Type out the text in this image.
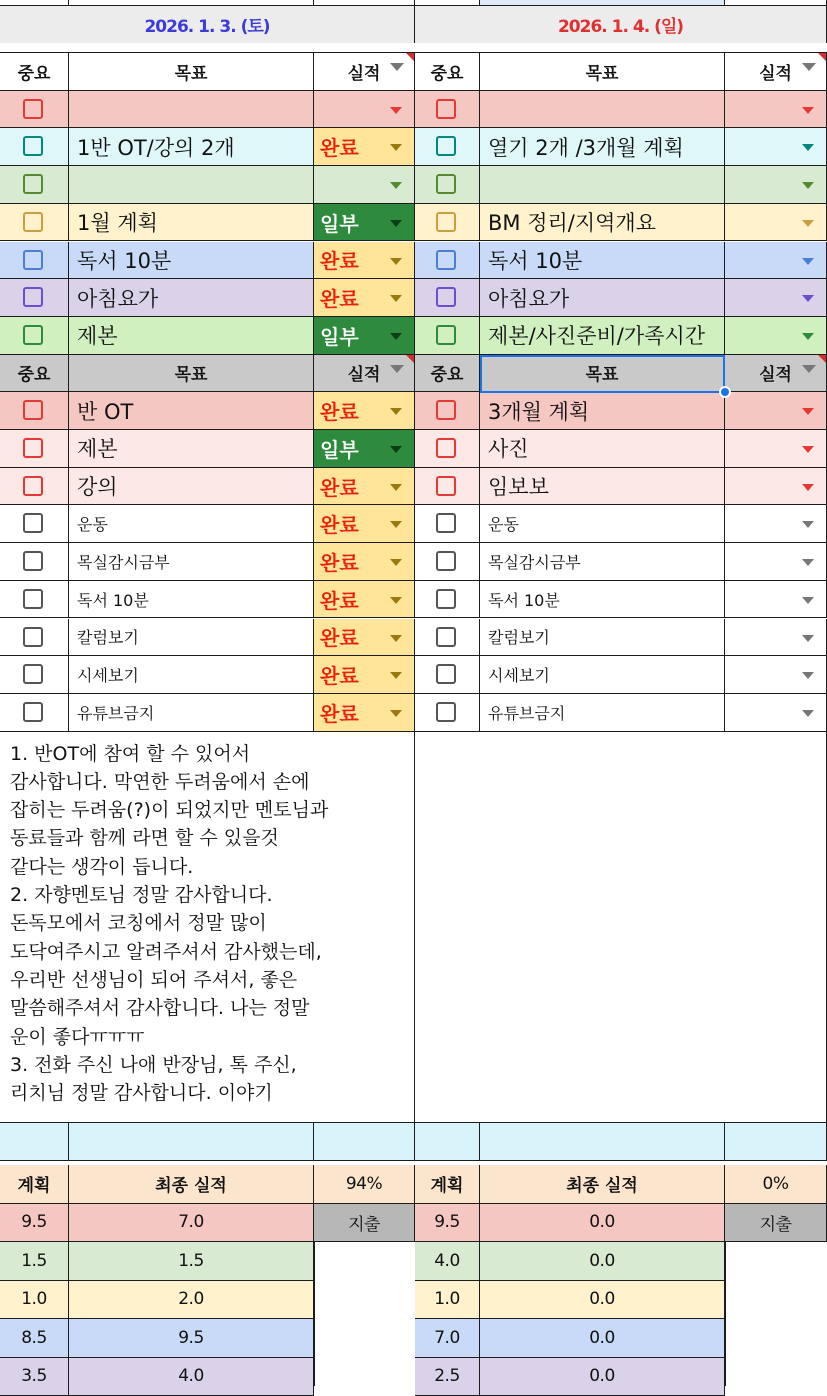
2026. 1. 3. (토)	2026. 1. 4. (일)
중요	목표	실적	중요	목표	실적
1반 OT/강의 2개	완료	열기 2개 /3개월 계획
1월 계획	일부	BM 정리/지역개요
독서 10분	완료	독서 10분
아침요가	완료	아침요가
제본	일부	제본/사진준비/가족시간
중요	목표	실적	중요	목표	실적
반 OT	완료	3개월 계획
제본	일부	사진
강의	완료	임보보
운동	완료	운동
목실감시금부	완료	목실감시금부
독서 10분	완료	독서 10분
칼럼보기	완료	칼럼보기
시세보기	완료	시세보기
유튜브금지	완료	유튜브금지
1. 반OT에 참여 할 수 있어서
감사합니다. 막연한 두려움에서 손에
잡히는 두려움(?)이 되었지만 멘토님과
동료들과 함께 라면 할 수 있을것
같다는 생각이 듭니다.
2. 자향멘토님 정말 감사합니다.
돈독모에서 코칭에서 정말 많이
도닥여주시고 알려주셔서 감사했는데,
우리반 선생님이 되어 주셔서, 좋은
말씀해주셔서 감사합니다. 나는 정말
운이 좋다ㅠㅠㅠ
3. 전화 주신 나애 반장님, 톡 주신,
리치님 정말 감사합니다. 이야기
계획	최종 실적	94%
9.5	7.0	지출
1.5	1.5
1.0	2.0
8.5	9.5
3.5	4.0
계획	최종 실적	0%
9.5	0.0	지출
4.0	0.0
1.0	0.0
7.0	0.0
2.5	0.0
